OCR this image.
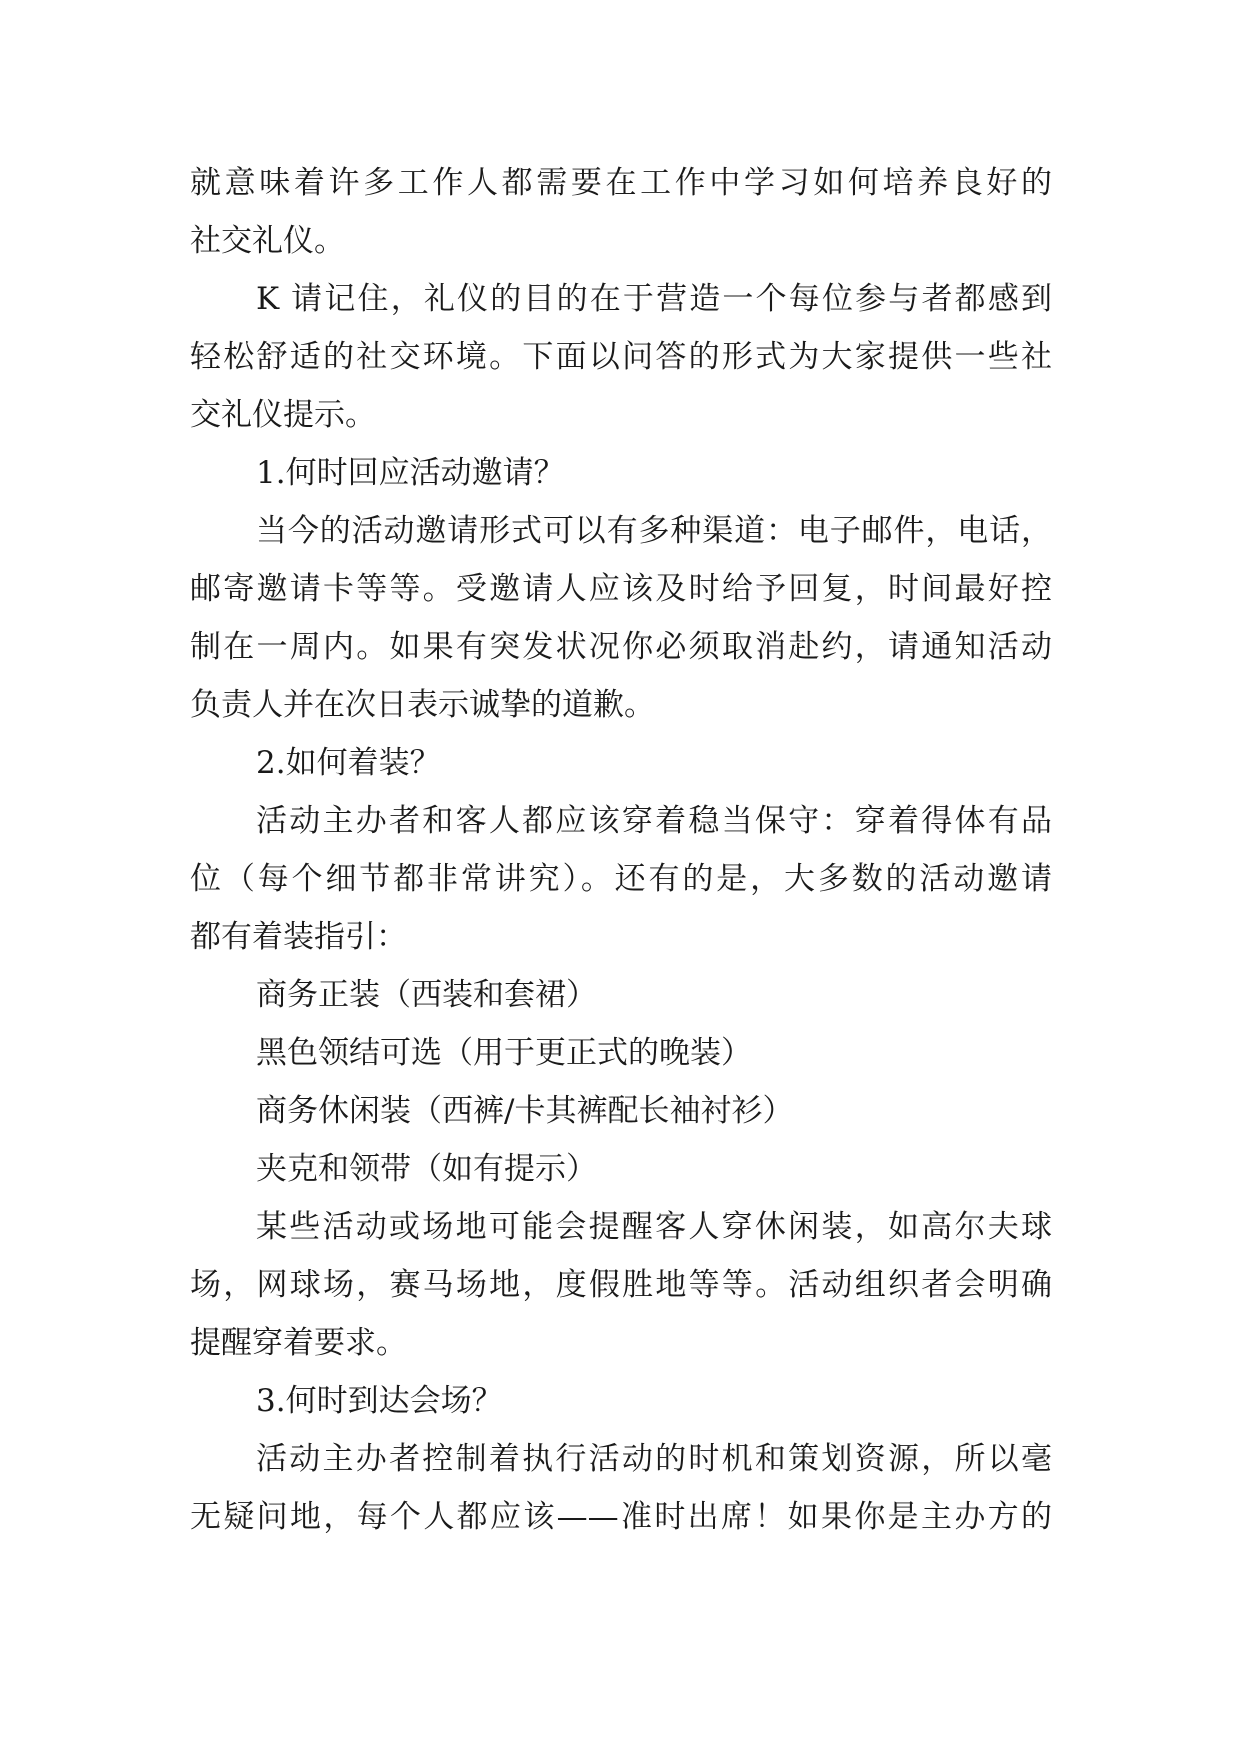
就意味着许多工作人都需要在工作中学习如何培养良好的
社交礼仪。
K 请记住，礼仪的目的在于营造一个每位参与者都感到
轻松舒适的社交环境。下面以问答的形式为大家提供一些社
交礼仪提示。
1.何时回应活动邀请？
当今的活动邀请形式可以有多种渠道：电子邮件，电话，
邮寄邀请卡等等。受邀请人应该及时给予回复，时间最好控
制在一周内。如果有突发状况你必须取消赴约，请通知活动
负责人并在次日表示诚挚的道歉。
2.如何着装？
活动主办者和客人都应该穿着稳当保守：穿着得体有品
位（每个细节都非常讲究）。还有的是，大多数的活动邀请
都有着装指引：
商务正装（西装和套裙）
黑色领结可选（用于更正式的晚装）
商务休闲装（西裤/卡其裤配长袖衬衫）
夹克和领带（如有提示）
某些活动或场地可能会提醒客人穿休闲装，如高尔夫球
场，网球场，赛马场地，度假胜地等等。活动组织者会明确
提醒穿着要求。
3.何时到达会场？
活动主办者控制着执行活动的时机和策划资源，所以毫
无疑问地，每个人都应该——准时出席！如果你是主办方的
